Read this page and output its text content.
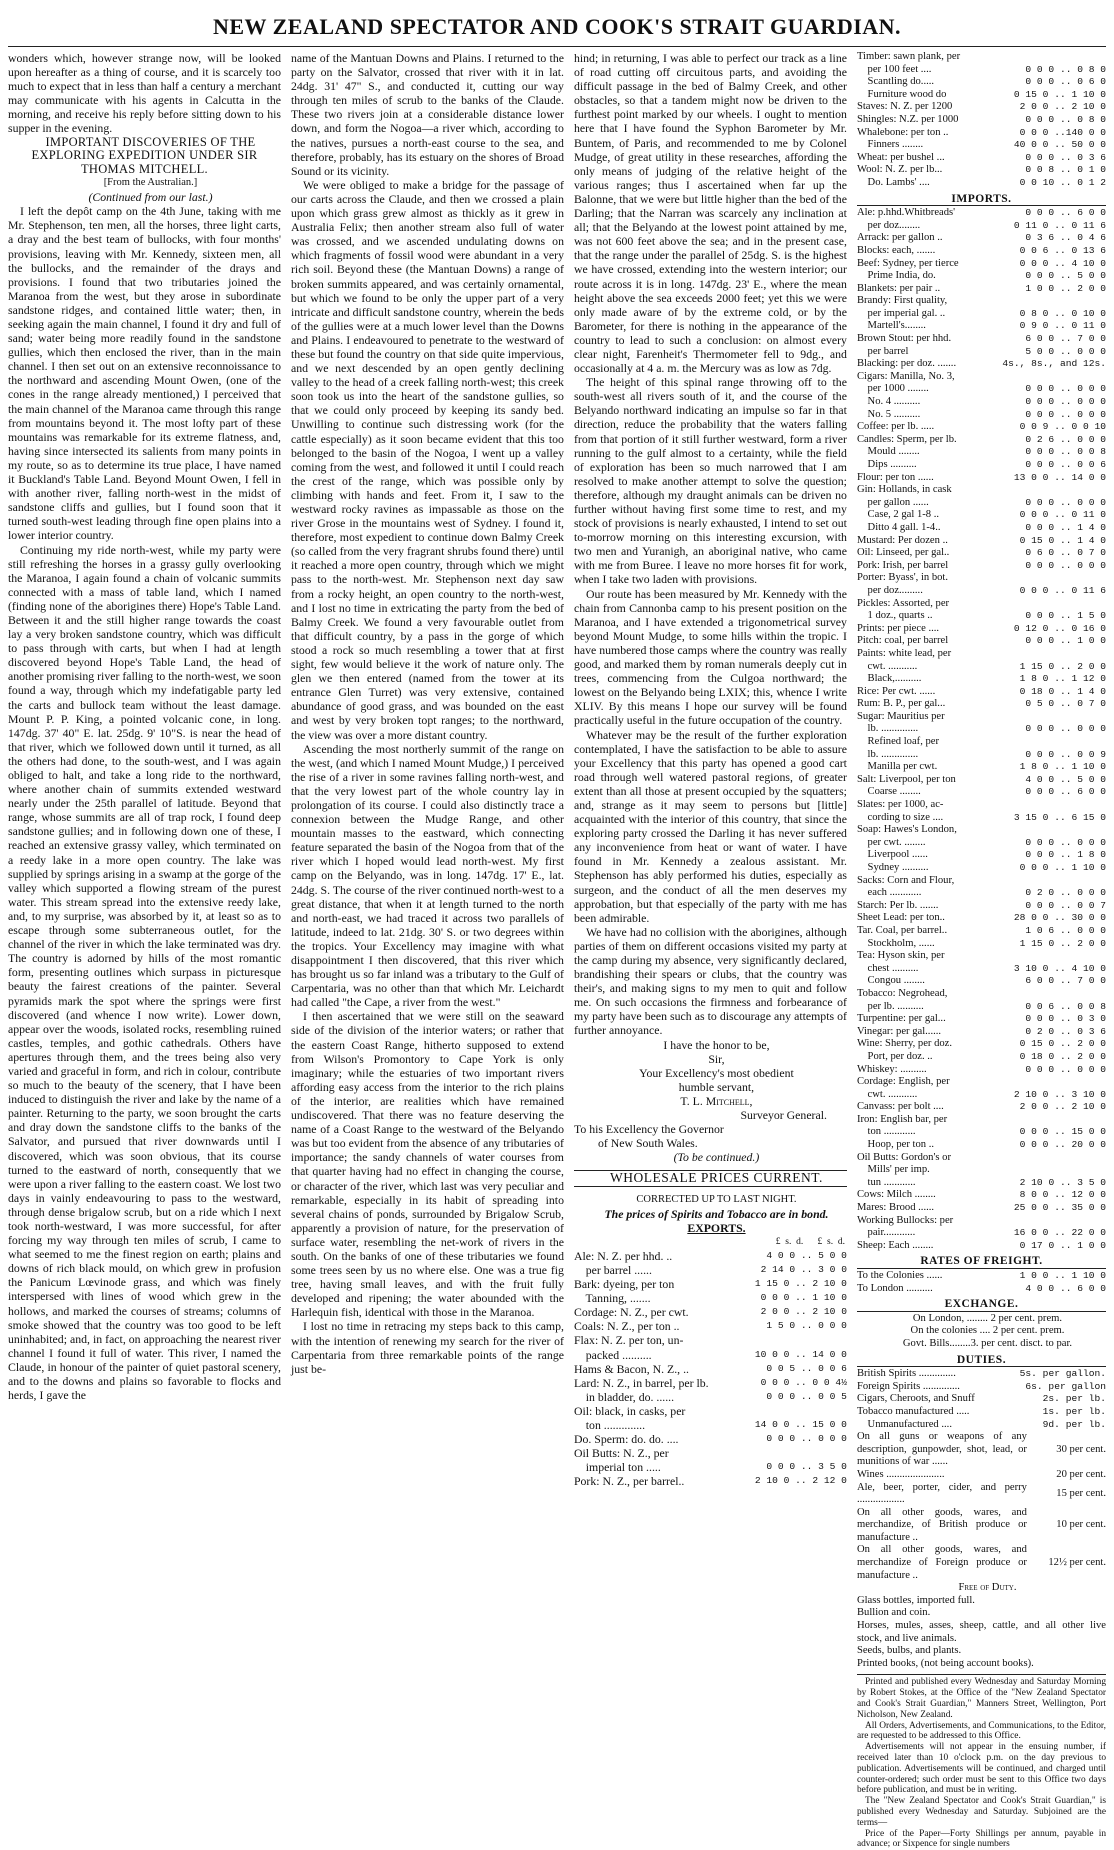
NEW ZEALAND SPECTATOR AND COOK'S STRAIT GUARDIAN.

wonders which, however strange now, will be looked upon hereafter as a thing of course, and it is scarcely too much to expect that in less than half a century a merchant may communicate with his agents in Calcutta in the morning, and receive his reply before sitting down to his supper in the evening.

IMPORTANT DISCOVERIES OF THE EXPLORING EXPEDITION UNDER SIR THOMAS MITCHELL.

[From the Australian.]

(Continued from our last.)

I left the depôt camp on the 4th June, taking with me Mr. Stephenson, ten men, all the horses, three light carts, a dray and the best team of bullocks, with four months' provisions, leaving with Mr. Kennedy, sixteen men, all the bullocks, and the remainder of the drays and provisions. I found that two tributaries joined the Maranoa from the west, but they arose in subordinate sandstone ridges, and contained little water; then, in seeking again the main channel, I found it dry and full of sand; water being more readily found in the sandstone gullies, which then enclosed the river, than in the main channel. I then set out on an extensive reconnoissance to the northward and ascending Mount Owen, (one of the cones in the range already mentioned,) I perceived that the main channel of the Maranoa came through this range from mountains beyond it. The most lofty part of these mountains was remarkable for its extreme flatness, and, having since intersected its salients from many points in my route, so as to determine its true place, I have named it Buckland's Table Land. Beyond Mount Owen, I fell in with another river, falling north-west in the midst of sandstone cliffs and gullies, but I found soon that it turned south-west leading through fine open plains into a lower interior country.

Continuing my ride north-west, while my party were still refreshing the horses in a grassy gully overlooking the Maranoa, I again found a chain of volcanic summits connected with a mass of table land, which I named (finding none of the aborigines there) Hope's Table Land. Between it and the still higher range towards the coast lay a very broken sandstone country, which was difficult to pass through with carts, but when I had at length discovered beyond Hope's Table Land, the head of another promising river falling to the north-west, we soon found a way, through which my indefatigable party led the carts and bullock team without the least damage. Mount P. P. King, a pointed volcanic cone, in long. 147dg. 37' 40" E. lat. 25dg. 9' 10"S. is near the head of that river, which we followed down until it turned, as all the others had done, to the south-west, and I was again obliged to halt, and take a long ride to the northward, where another chain of summits extended westward nearly under the 25th parallel of latitude. Beyond that range, whose summits are all of trap rock, I found deep sandstone gullies; and in following down one of these, I reached an extensive grassy valley, which terminated on a reedy lake in a more open country. The lake was supplied by springs arising in a swamp at the gorge of the valley which supported a flowing stream of the purest water. This stream spread into the extensive reedy lake, and, to my surprise, was absorbed by it, at least so as to escape through some subterraneous outlet, for the channel of the river in which the lake terminated was dry. The country is adorned by hills of the most romantic form, presenting outlines which surpass in picturesque beauty the fairest creations of the painter. Several pyramids mark the spot where the springs were first discovered (and whence I now write). Lower down, appear over the woods, isolated rocks, resembling ruined castles, temples, and gothic cathedrals. Others have apertures through them, and the trees being also very varied and graceful in form, and rich in colour, contribute so much to the beauty of the scenery, that I have been induced to distinguish the river and lake by the name of a painter. Returning to the party, we soon brought the carts and dray down the sandstone cliffs to the banks of the Salvator, and pursued that river downwards until I discovered, which was soon obvious, that its course turned to the eastward of north, consequently that we were upon a river falling to the eastern coast. We lost two days in vainly endeavouring to pass to the westward, through dense brigalow scrub, but on a ride which I next took north-westward, I was more successful, for after forcing my way through ten miles of scrub, I came to what seemed to me the finest region on earth; plains and downs of rich black mould, on which grew in profusion the Panicum Lœvinode grass, and which was finely interspersed with lines of wood which grew in the hollows, and marked the courses of streams; columns of smoke showed that the country was too good to be left uninhabited; and, in fact, on approaching the nearest river channel I found it full of water. This river, I named the Claude, in honour of the painter of quiet pastoral scenery, and to the downs and plains so favorable to flocks and herds, I gave the

name of the Mantuan Downs and Plains. I returned to the party on the Salvator, crossed that river with it in lat. 24dg. 31' 47" S., and conducted it, cutting our way through ten miles of scrub to the banks of the Claude. These two rivers join at a considerable distance lower down, and form the Nogoa—a river which, according to the natives, pursues a north-east course to the sea, and therefore, probably, has its estuary on the shores of Broad Sound or its vicinity.

We were obliged to make a bridge for the passage of our carts across the Claude, and then we crossed a plain upon which grass grew almost as thickly as it grew in Australia Felix; then another stream also full of water was crossed, and we ascended undulating downs on which fragments of fossil wood were abundant in a very rich soil. Beyond these (the Mantuan Downs) a range of broken summits appeared, and was certainly ornamental, but which we found to be only the upper part of a very intricate and difficult sandstone country, wherein the beds of the gullies were at a much lower level than the Downs and Plains. I endeavoured to penetrate to the westward of these but found the country on that side quite impervious, and we next descended by an open gently declining valley to the head of a creek falling north-west; this creek soon took us into the heart of the sandstone gullies, so that we could only proceed by keeping its sandy bed. Unwilling to continue such distressing work (for the cattle especially) as it soon became evident that this too belonged to the basin of the Nogoa, I went up a valley coming from the west, and followed it until I could reach the crest of the range, which was possible only by climbing with hands and feet. From it, I saw to the westward rocky ravines as impassable as those on the river Grose in the mountains west of Sydney. I found it, therefore, most expedient to continue down Balmy Creek (so called from the very fragrant shrubs found there) until it reached a more open country, through which we might pass to the north-west. Mr. Stephenson next day saw from a rocky height, an open country to the north-west, and I lost no time in extricating the party from the bed of Balmy Creek. We found a very favourable outlet from that difficult country, by a pass in the gorge of which stood a rock so much resembling a tower that at first sight, few would believe it the work of nature only. The glen we then entered (named from the tower at its entrance Glen Turret) was very extensive, contained abundance of good grass, and was bounded on the east and west by very broken topt ranges; to the northward, the view was over a more distant country.

Ascending the most northerly summit of the range on the west, (and which I named Mount Mudge,) I perceived the rise of a river in some ravines falling north-west, and that the very lowest part of the whole country lay in prolongation of its course. I could also distinctly trace a connexion between the Mudge Range, and other mountain masses to the eastward, which connecting feature separated the basin of the Nogoa from that of the river which I hoped would lead north-west. My first camp on the Belyando, was in long. 147dg. 17' E., lat. 24dg. S. The course of the river continued north-west to a great distance, that when it at length turned to the north and north-east, we had traced it across two parallels of latitude, indeed to lat. 21dg. 30' S. or two degrees within the tropics. Your Excellency may imagine with what disappointment I then discovered, that this river which has brought us so far inland was a tributary to the Gulf of Carpentaria, was no other than that which Mr. Leichardt had called "the Cape, a river from the west."

I then ascertained that we were still on the seaward side of the division of the interior waters; or rather that the eastern Coast Range, hitherto supposed to extend from Wilson's Promontory to Cape York is only imaginary; while the estuaries of two important rivers affording easy access from the interior to the rich plains of the interior, are realities which have remained undiscovered. That there was no feature deserving the name of a Coast Range to the westward of the Belyando was but too evident from the absence of any tributaries of importance; the sandy channels of water courses from that quarter having had no effect in changing the course, or character of the river, which last was very peculiar and remarkable, especially in its habit of spreading into several chains of ponds, surrounded by Brigalow Scrub, apparently a provision of nature, for the preservation of surface water, resembling the net-work of rivers in the south. On the banks of one of these tributaries we found some trees seen by us no where else. One was a true fig tree, having small leaves, and with the fruit fully developed and ripening; the water abounded with the Harlequin fish, identical with those in the Maranoa.

I lost no time in retracing my steps back to this camp, with the intention of renewing my search for the river of Carpentaria from three remarkable points of the range just be-

hind; in returning, I was able to perfect our track as a line of road cutting off circuitous parts, and avoiding the difficult passage in the bed of Balmy Creek, and other obstacles, so that a tandem might now be driven to the furthest point marked by our wheels. I ought to mention here that I have found the Syphon Barometer by Mr. Buntem, of Paris, and recommended to me by Colonel Mudge, of great utility in these researches, affording the only means of judging of the relative height of the various ranges; thus I ascertained when far up the Balonne, that we were but little higher than the bed of the Darling; that the Narran was scarcely any inclination at all; that the Belyando at the lowest point attained by me, was not 600 feet above the sea; and in the present case, that the range under the parallel of 25dg. S. is the highest we have crossed, extending into the western interior; our route across it is in long. 147dg. 23' E., where the mean height above the sea exceeds 2000 feet; yet this we were only made aware of by the extreme cold, or by the Barometer, for there is nothing in the appearance of the country to lead to such a conclusion: on almost every clear night, Farenheit's Thermometer fell to 9dg., and occasionally at 4 a. m. the Mercury was as low as 7dg.

The height of this spinal range throwing off to the south-west all rivers south of it, and the course of the Belyando northward indicating an impulse so far in that direction, reduce the probability that the waters falling from that portion of it still further westward, form a river running to the gulf almost to a certainty, while the field of exploration has been so much narrowed that I am resolved to make another attempt to solve the question; therefore, although my draught animals can be driven no further without having first some time to rest, and my stock of provisions is nearly exhausted, I intend to set out to-morrow morning on this interesting excursion, with two men and Yuranigh, an aboriginal native, who came with me from Buree. I leave no more horses fit for work, when I take two laden with provisions.

Our route has been measured by Mr. Kennedy with the chain from Cannonba camp to his present position on the Maranoa, and I have extended a trigonometrical survey beyond Mount Mudge, to some hills within the tropic. I have numbered those camps where the country was really good, and marked them by roman numerals deeply cut in trees, commencing from the Culgoa northward; the lowest on the Belyando being LXIX; this, whence I write XLIV. By this means I hope our survey will be found practically useful in the future occupation of the country.

Whatever may be the result of the further exploration contemplated, I have the satisfaction to be able to assure your Excellency that this party has opened a good cart road through well watered pastoral regions, of greater extent than all those at present occupied by the squatters; and, strange as it may seem to persons but [little] acquainted with the interior of this country, that since the exploring party crossed the Darling it has never suffered any inconvenience from heat or want of water. I have found in Mr. Kennedy a zealous assistant. Mr. Stephenson has ably performed his duties, especially as surgeon, and the conduct of all the men deserves my approbation, but that especially of the party with me has been admirable.

We have had no collision with the aborigines, although parties of them on different occasions visited my party at the camp during my absence, very significantly declared, brandishing their spears or clubs, that the country was their's, and making signs to my men to quit and follow me. On such occasions the firmness and forbearance of my party have been such as to discourage any attempts of further annoyance.

I have the honor to be,

Sir,

Your Excellency's most obedient

humble servant,

T. L. Mitchell,

Surveyor General.

To his Excellency the Governor

of New South Wales.

(To be continued.)

WHOLESALE PRICES CURRENT.

CORRECTED UP TO LAST NIGHT.

The prices of Spirits and Tobacco are in bond.

EXPORTS.

£  s.  d.      £  s.  d.

Ale: N. Z. per hhd. ..	4 0 0 .. 5 0 0
per barrel ......	2 14 0 .. 3 0 0
Bark: dyeing, per ton	1 15 0 .. 2 10 0
Tanning, .......	0 0 0 .. 1 10 0
Cordage: N. Z., per cwt.	2 0 0 .. 2 10 0
Coals: N. Z., per ton ..	1 5 0 .. 0 0 0
Flax: N. Z. per ton, un-
packed ..........	10 0 0 .. 14 0 0
Hams & Bacon, N. Z., ..	0 0 5 .. 0 0 6
Lard: N. Z., in barrel, per lb.	0 0 0 .. 0 0 4½
in bladder, do. ......	0 0 0 .. 0 0 5
Oil: black, in casks, per
ton ..............	14 0 0 .. 15 0 0
Do. Sperm: do. do. ....	0 0 0 .. 0 0 0
Oil Butts: N. Z., per
imperial ton .....	0 0 0 .. 3 5 0
Pork: N. Z., per barrel..	2 10 0 .. 2 12 0
Timber: sawn plank, per
per 100 feet ....	0 0 0 .. 0 8 0
Scantling do.....	0 0 0 .. 0 6 0
Furniture wood do	0 15 0 .. 1 10 0
Staves: N. Z. per 1200	2 0 0 .. 2 10 0
Shingles: N.Z. per 1000	0 0 0 .. 0 8 0
Whalebone: per ton ..	0 0 0 ..140 0 0
Finners ........	40 0 0 .. 50 0 0
Wheat: per bushel ...	0 0 0 .. 0 3 6
Wool: N. Z. per lb...	0 0 8 .. 0 1 0
Do. Lambs' ....	0 0 10 .. 0 1 2
IMPORTS.
Ale: p.hhd.Whitbreads'	0 0 0 .. 6 0 0
per doz........	0 11 0 .. 0 11 6
Arrack: per gallon ..	0 3 6 .. 0 4 6
Blocks: each, .......	0 0 6 .. 0 13 6
Beef: Sydney, per tierce	0 0 0 .. 4 10 0
Prime India, do.	0 0 0 .. 5 0 0
Blankets: per pair ..	1 0 0 .. 2 0 0
Brandy: First quality,
per imperial gal. ..	0 8 0 .. 0 10 0
Martell's........	0 9 0 .. 0 11 0
Brown Stout: per hhd.	6 0 0 .. 7 0 0
per barrel	5 0 0 .. 0 0 0
Blacking: per doz. .......	4s., 8s., and 12s.
Cigars: Manilla, No. 3,
per 1000 ........	0 0 0 .. 0 0 0
No. 4 ..........	0 0 0 .. 0 0 0
No. 5 ..........	0 0 0 .. 0 0 0
Coffee: per lb. .....	0 0 9 .. 0 0 10
Candles: Sperm, per lb.	0 2 6 .. 0 0 0
Mould ........	0 0 0 .. 0 0 8
Dips ..........	0 0 0 .. 0 0 6
Flour: per ton ......	13 0 0 .. 14 0 0
Gin: Hollands, in cask
per gallon ......	0 0 0 .. 0 0 0
Case, 2 gal 1-8 ..	0 0 0 .. 0 11 0
Ditto 4 gall. 1-4..	0 0 0 .. 1 4 0
Mustard: Per dozen ..	0 15 0 .. 1 4 0
Oil: Linseed, per gal..	0 6 0 .. 0 7 0
Pork: Irish, per barrel	0 0 0 .. 0 0 0
Porter: Byass', in bot.
per doz.........	0 0 0 .. 0 11 6
Pickles: Assorted, per
1 doz., quarts ..	0 0 0 .. 1 5 0
Prints: per piece ....	0 12 0 .. 0 16 0
Pitch: coal, per barrel	0 0 0 .. 1 0 0
Paints: white lead, per
cwt. ...........	1 15 0 .. 2 0 0
Black,..........	1 8 0 .. 1 12 0
Rice: Per cwt. ......	0 18 0 .. 1 4 0
Rum: B. P., per gal...	0 5 0 .. 0 7 0
Sugar: Mauritius per
lb. ..............	0 0 0 .. 0 0 0
Refined loaf, per
lb. ..............	0 0 0 .. 0 0 9
Manilla per cwt.	1 8 0 .. 1 10 0
Salt: Liverpool, per ton	4 0 0 .. 5 0 0
Coarse ........	0 0 0 .. 6 0 0
Slates: per 1000, ac-
cording to size ....	3 15 0 .. 6 15 0
Soap: Hawes's London,
per cwt. ........	0 0 0 .. 0 0 0
Liverpool ......	0 0 0 .. 1 8 0
Sydney ..........	0 0 0 .. 1 10 0
Sacks: Corn and Flour,
each ............	0 2 0 .. 0 0 0
Starch: Per lb. .......	0 0 0 .. 0 0 7
Sheet Lead: per ton..	28 0 0 .. 30 0 0
Tar. Coal, per barrel..	1 0 6 .. 0 0 0
Stockholm, ......	1 15 0 .. 2 0 0
Tea: Hyson skin, per
chest ..........	3 10 0 .. 4 10 0
Congou ........	6 0 0 .. 7 0 0
Tobacco: Negrohead,
per lb. ..........	0 0 6 .. 0 0 8
Turpentine: per gal...	0 0 0 .. 0 3 0
Vinegar: per gal......	0 2 0 .. 0 3 6
Wine: Sherry, per doz.	0 15 0 .. 2 0 0
Port, per doz. ..	0 18 0 .. 2 0 0
Whiskey: ..........	0 0 0 .. 0 0 0
Cordage: English, per
cwt. ...........	2 10 0 .. 3 10 0
Canvass: per bolt ....	2 0 0 .. 2 10 0
Iron: English bar, per
ton ............	0 0 0 .. 15 0 0
Hoop, per ton ..	0 0 0 .. 20 0 0
Oil Butts: Gordon's or
Mills' per imp.
tun ............	2 10 0 .. 3 5 0
Cows: Milch ........	8 0 0 .. 12 0 0
Mares: Brood ......	25 0 0 .. 35 0 0
Working Bullocks: per
pair............	16 0 0 .. 22 0 0
Sheep: Each ........	0 17 0 .. 1 0 0
RATES OF FREIGHT.
To the Colonies ......	1 0 0 .. 1 10 0
To London ..........	4 0 0 .. 6 0 0
EXCHANGE.

On London, ........ 2 per cent. prem.

On the colonies .... 2 per cent. prem.

Govt. Bills........3. per cent. disct. to par.

DUTIES.
British Spirits ..............	5s. per gallon.
Foreign Spirits ..............	6s. per gallon
Cigars, Cheroots, and Snuff	2s. per lb.
Tobacco manufactured .....	1s. per lb.
Unmanufactured ....	9d. per lb.
On all guns or weapons of any description, gunpowder, shot, lead, or munitions of war ......
30 per cent.
Wines ......................	20 per cent.
Ale, beer, porter, cider, and perry ..................
15 per cent.
On all other goods, wares, and merchandize, of British produce or manufacture ..
10 per cent.
On all other goods, wares, and merchandize of Foreign produce or manufacture ..
12½ per cent.

Free of Duty.

Glass bottles, imported full.

Bullion and coin.

Horses, mules, asses, sheep, cattle, and all other live stock, and live animals.

Seeds, bulbs, and plants.

Printed books, (not being account books).

Printed and published every Wednesday and Saturday Morning by Robert Stokes, at the Office of the "New Zealand Spectator and Cook's Strait Guardian," Manners Street, Wellington, Port Nicholson, New Zealand.

All Orders, Advertisements, and Communications, to the Editor, are requested to be addressed to this Office.

Advertisements will not appear in the ensuing number, if received later than 10 o'clock p.m. on the day previous to publication. Advertisements will be continued, and charged until counter-ordered; such order must be sent to this Office two days before publication, and must be in writing.

The "New Zealand Spectator and Cook's Strait Guardian," is published every Wednesday and Saturday. Subjoined are the terms—

Price of the Paper—Forty Shillings per annum, payable in advance; or Sixpence for single numbers
